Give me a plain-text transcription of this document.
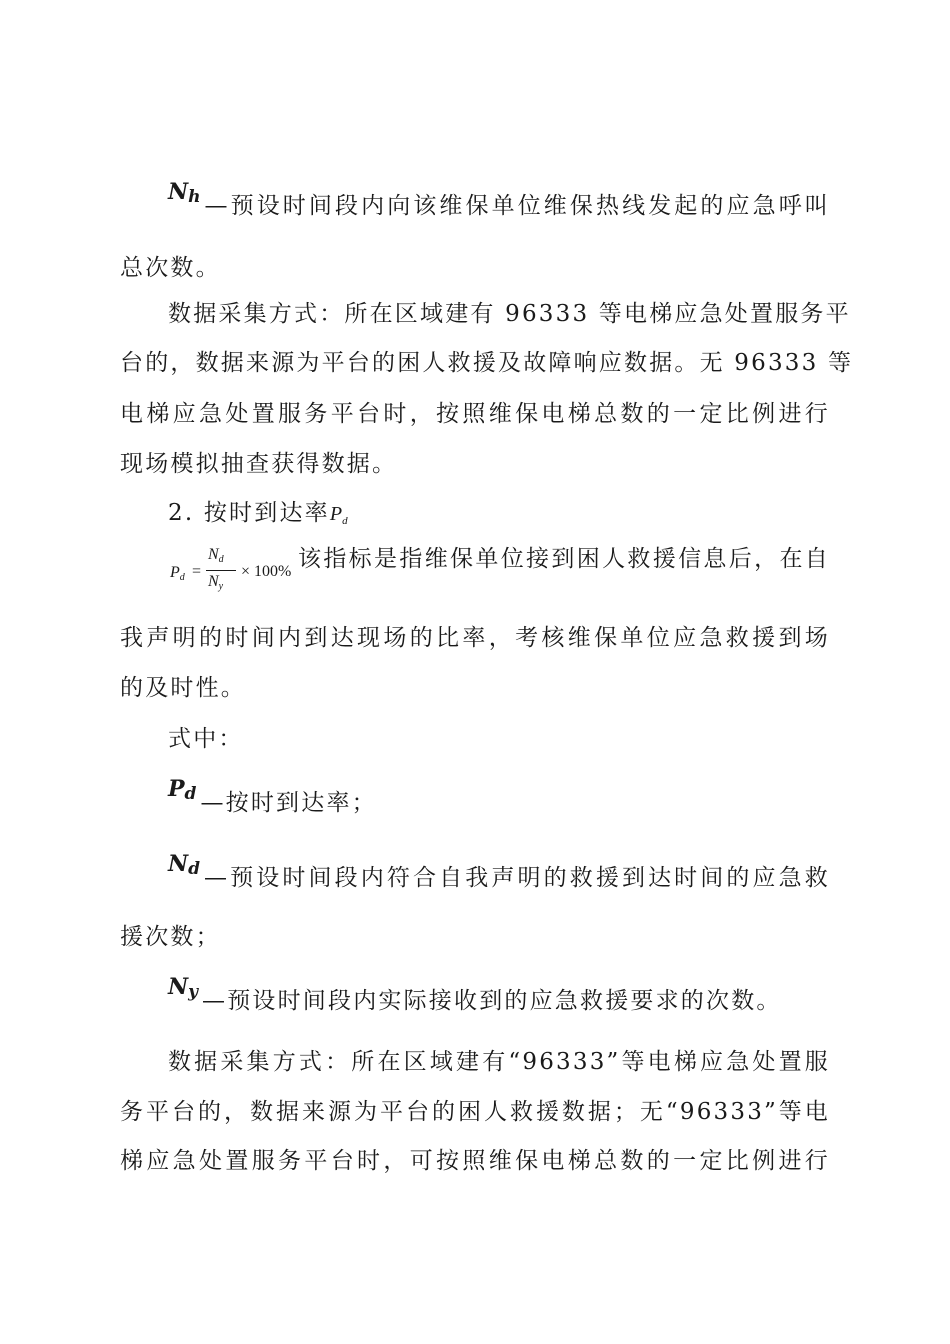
$N_h$ —预设时间段内向该维保单位维保热线发起的应急呼叫
总次数。
数据采集方式：所在区域建有 96333 等电梯应急处置服务平
台的，数据来源为平台的困人救援及故障响应数据。无 96333 等
电梯应急处置服务平台时，按照维保电梯总数的一定比例进行
现场模拟抽查获得数据。
2. 按时到达率$P_d$
$P_d$ =
$N_d$
$N_y$
× 100% 该指标是指维保单位接到困人救援信息后，在自
我声明的时间内到达现场的比率，考核维保单位应急救援到场
的及时性。
式中：
$P_d$ —按时到达率；
$N_d$ —预设时间段内符合自我声明的救援到达时间的应急救
援次数；
$N_y$ —预设时间段内实际接收到的应急救援要求的次数。
数据采集方式：所在区域建有“96333”等电梯应急处置服
务平台的，数据来源为平台的困人救援数据；无“96333”等电
梯应急处置服务平台时，可按照维保电梯总数的一定比例进行
